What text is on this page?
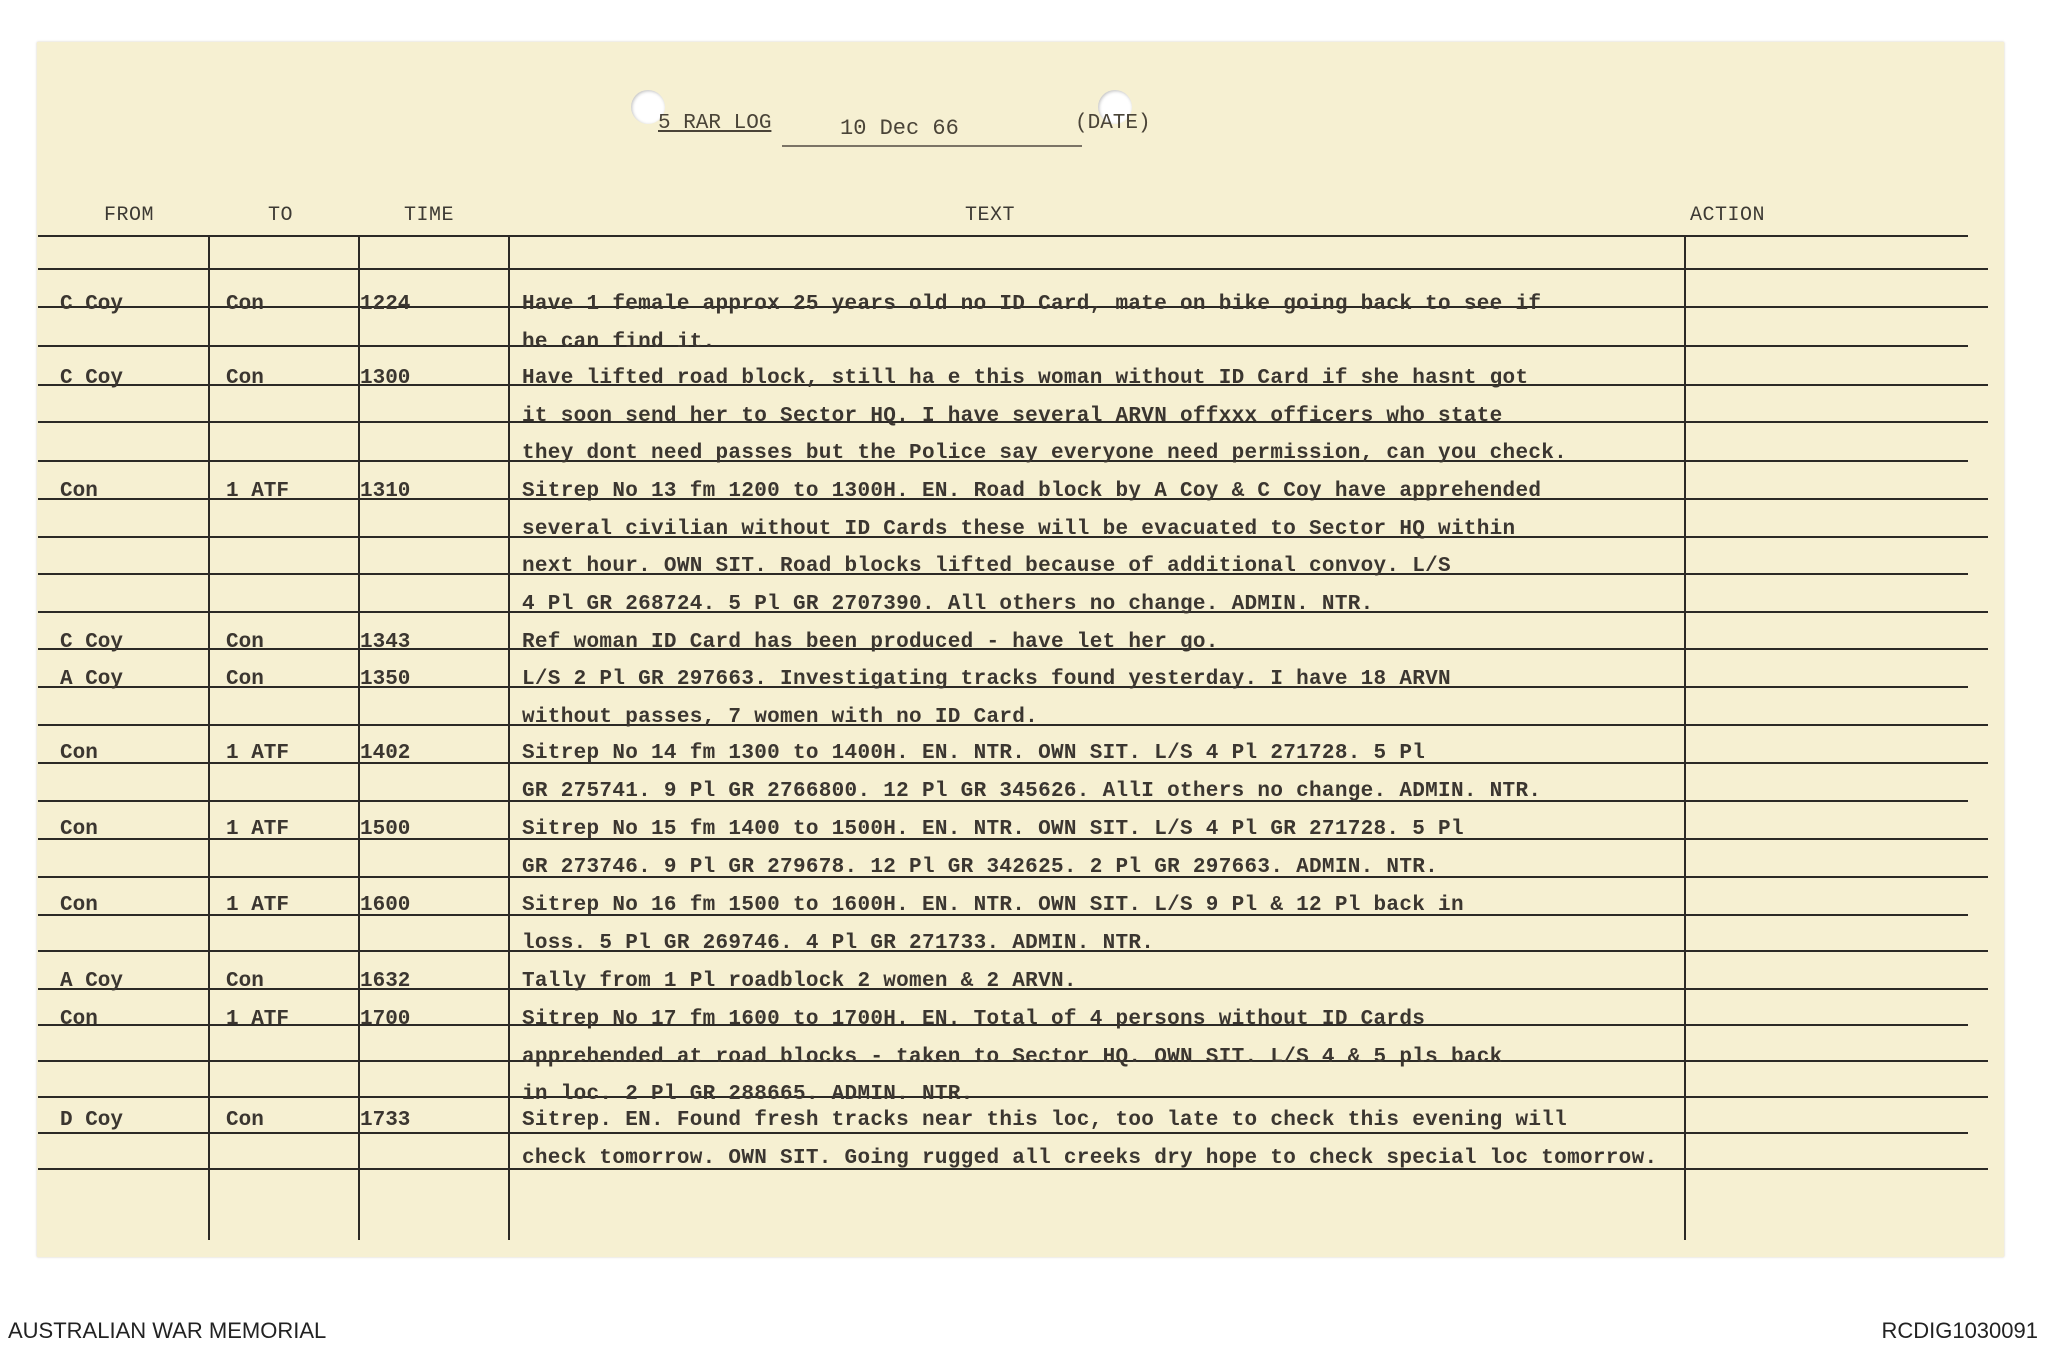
5 RAR LOG	10 Dec 66	(DATE)
FROM	TO	TIME	TEXT	ACTION
C Coy	Con	1224	Have 1 female approx 25 years old no ID Card, mate on bike going back to see if
he can find it.
C Coy	Con	1300	Have lifted road block, still ha e this woman without ID Card if she hasnt got
it soon send her to Sector HQ. I have several ARVN offxxx officers who state
they dont need passes but the Police say everyone need permission, can you check.
Con	1 ATF	1310	Sitrep No 13 fm 1200 to 1300H. EN. Road block by A Coy & C Coy have apprehended
several civilian without ID Cards these will be evacuated to Sector HQ within
next hour. OWN SIT. Road blocks lifted because of additional convoy. L/S
4 Pl GR 268724. 5 Pl GR 2707390. All others no change. ADMIN. NTR.
C Coy	Con	1343	Ref woman ID Card has been produced - have let her go.
A Coy	Con	1350	L/S 2 Pl GR 297663. Investigating tracks found yesterday. I have 18 ARVN
without passes, 7 women with no ID Card.
Con	1 ATF	1402	Sitrep No 14 fm 1300 to 1400H. EN. NTR. OWN SIT. L/S 4 Pl 271728. 5 Pl
GR 275741. 9 Pl GR 2766800. 12 Pl GR 345626. AllI others no change. ADMIN. NTR.
Con	1 ATF	1500	Sitrep No 15 fm 1400 to 1500H. EN. NTR. OWN SIT. L/S 4 Pl GR 271728. 5 Pl
GR 273746. 9 Pl GR 279678. 12 Pl GR 342625. 2 Pl GR 297663. ADMIN. NTR.
Con	1 ATF	1600	Sitrep No 16 fm 1500 to 1600H. EN. NTR. OWN SIT. L/S 9 Pl & 12 Pl back in
loss. 5 Pl GR 269746. 4 Pl GR 271733. ADMIN. NTR.
A Coy	Con	1632	Tally from 1 Pl roadblock 2 women & 2 ARVN.
Con	1 ATF	1700	Sitrep No 17 fm 1600 to 1700H. EN. Total of 4 persons without ID Cards
apprehended at road blocks - taken to Sector HQ. OWN SIT. L/S 4 & 5 pls back
in loc. 2 Pl GR 288665. ADMIN. NTR.
D Coy	Con	1733	Sitrep. EN. Found fresh tracks near this loc, too late to check this evening will
check tomorrow. OWN SIT. Going rugged all creeks dry hope to check special loc tomorrow.
AUSTRALIAN WAR MEMORIAL	RCDIG1030091
